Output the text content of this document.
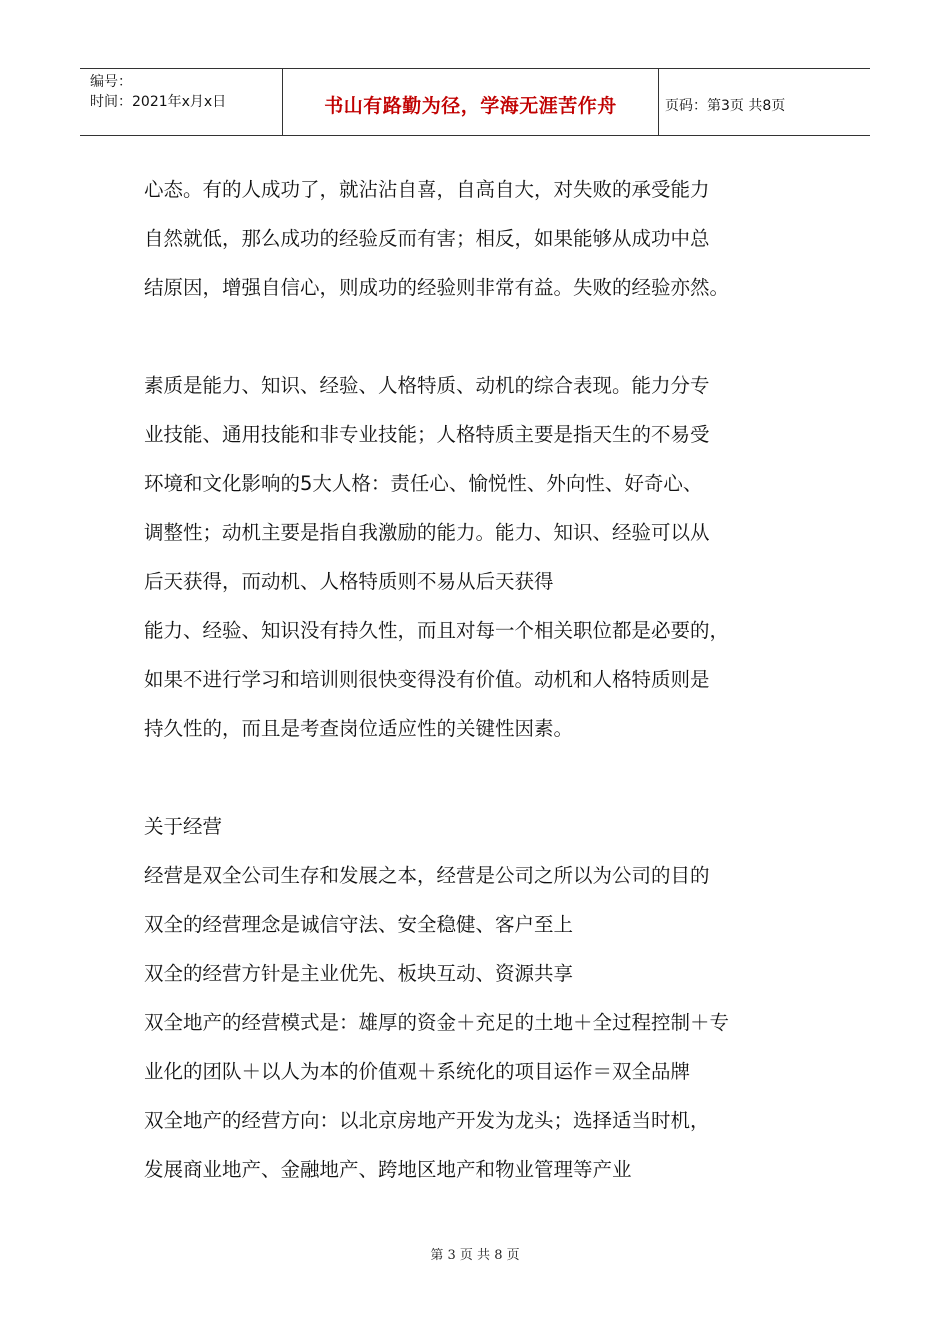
编号：
时间：2021年x月x日	书山有路勤为径，学海无涯苦作舟	页码：第3页 共8页

心态。有的人成功了，就沾沾自喜，自高自大，对失败的承受能力

自然就低，那么成功的经验反而有害；相反，如果能够从成功中总

结原因，增强自信心，则成功的经验则非常有益。失败的经验亦然。

素质是能力、知识、经验、人格特质、动机的综合表现。能力分专

业技能、通用技能和非专业技能；人格特质主要是指天生的不易受

环境和文化影响的5大人格：责任心、愉悦性、外向性、好奇心、

调整性；动机主要是指自我激励的能力。能力、知识、经验可以从

后天获得，而动机、人格特质则不易从后天获得

能力、经验、知识没有持久性，而且对每一个相关职位都是必要的，

如果不进行学习和培训则很快变得没有价值。动机和人格特质则是

持久性的，而且是考查岗位适应性的关键性因素。

关于经营

经营是双全公司生存和发展之本，经营是公司之所以为公司的目的

双全的经营理念是诚信守法、安全稳健、客户至上

双全的经营方针是主业优先、板块互动、资源共享

双全地产的经营模式是：雄厚的资金＋充足的土地＋全过程控制＋专

业化的团队＋以人为本的价值观＋系统化的项目运作＝双全品牌

双全地产的经营方向：以北京房地产开发为龙头；选择适当时机，

发展商业地产、金融地产、跨地区地产和物业管理等产业

第 3 页 共 8 页
